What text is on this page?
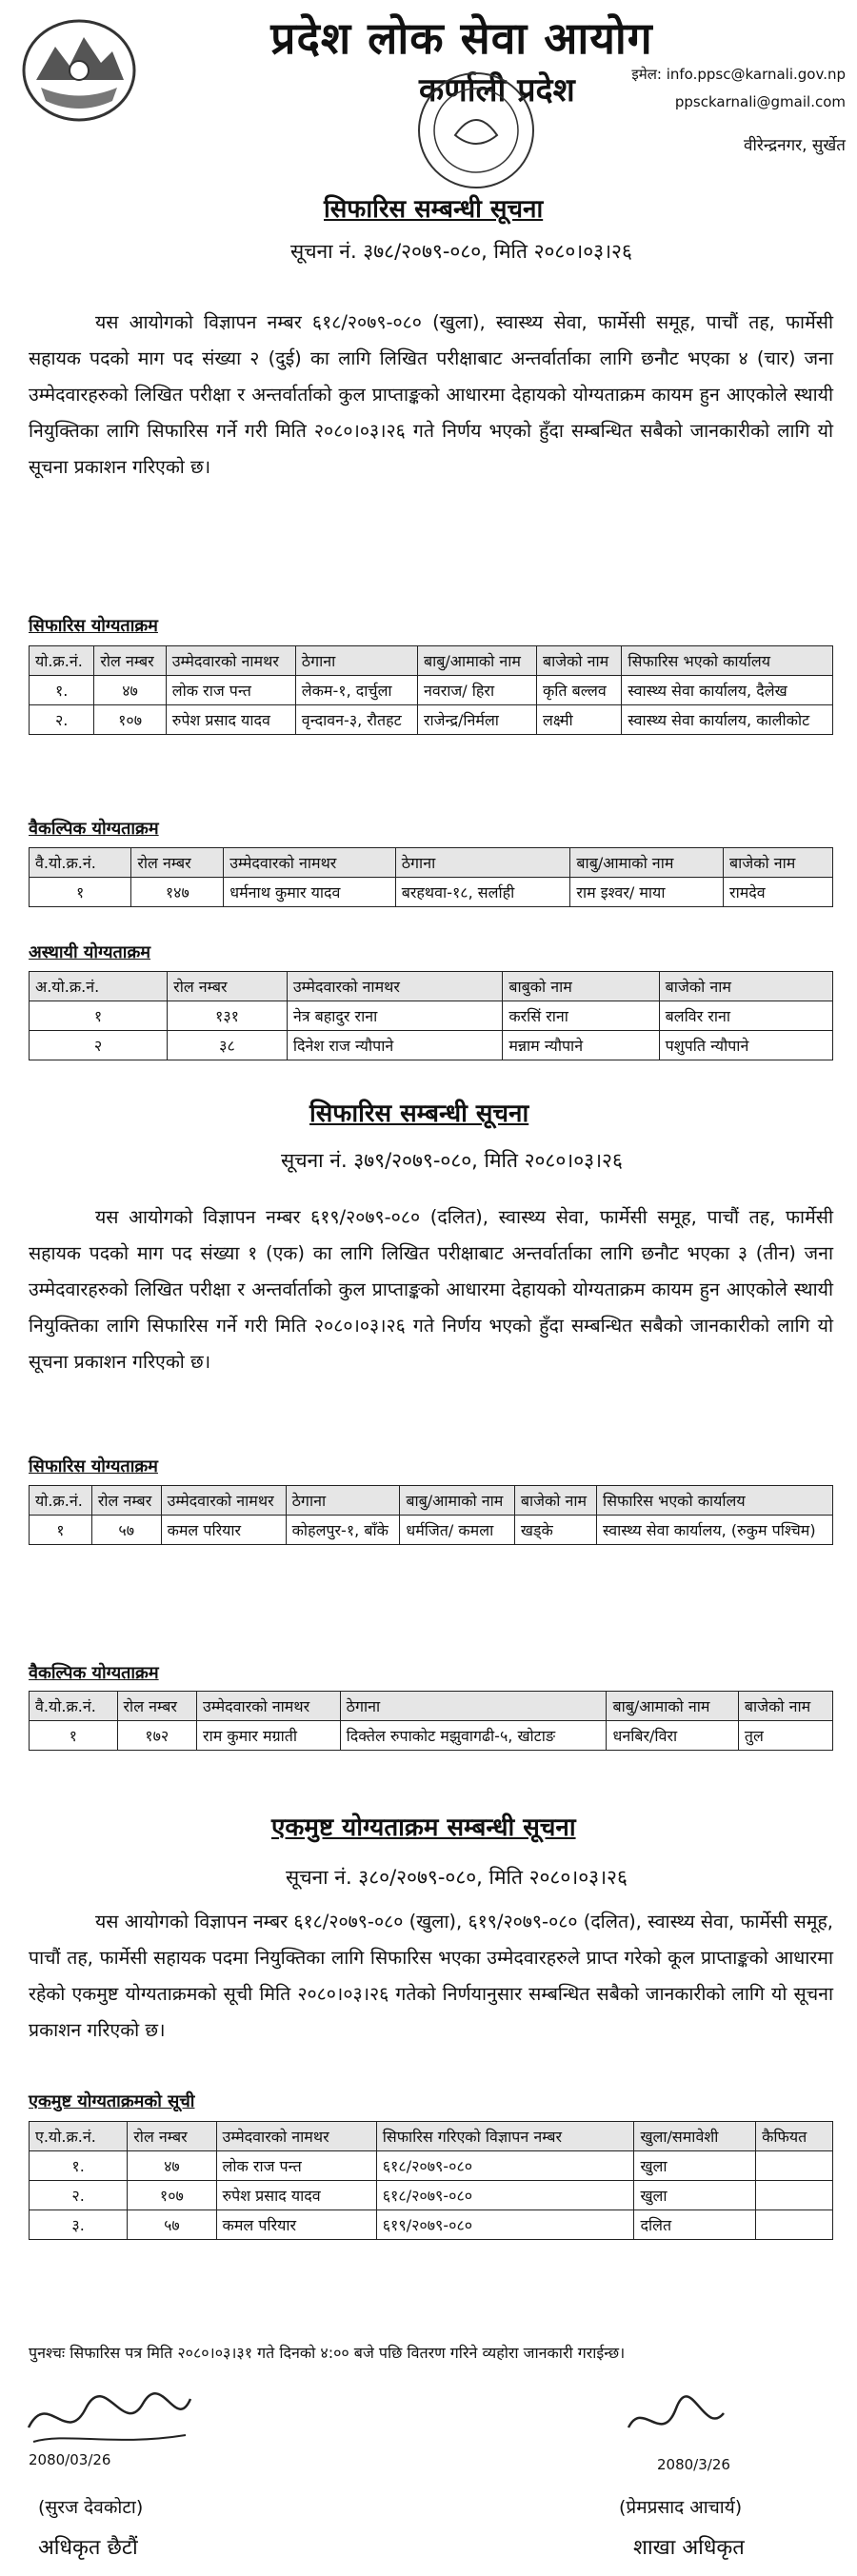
प्रदेश लोक सेवा आयोग
कर्णाली प्रदेश	इमेल: info.ppsc@karnali.gov.np
ppsckarnali@gmail.com
वीरेन्द्रनगर, सुर्खेत
सिफारिस सम्बन्धी सूचना
सूचना नं. ३७८/२०७९-०८०, मिति २०८०।०३।२६
यस आयोगको विज्ञापन नम्बर ६१८/२०७९-०८० (खुला), स्वास्थ्य सेवा, फार्मेसी समूह, पाचौं तह, फार्मेसी सहायक पदको माग पद संख्या २ (दुई) का लागि लिखित परीक्षाबाट अन्तर्वार्ताका लागि छनौट भएका ४ (चार) जना उम्मेदवारहरुको लिखित परीक्षा र अन्तर्वार्ताको कुल प्राप्ताङ्कको आधारमा देहायको योग्यताक्रम कायम हुन आएकोले स्थायी नियुक्तिका लागि सिफारिस गर्ने गरी मिति २०८०।०३।२६ गते निर्णय भएको हुँदा सम्बन्धित सबैको जानकारीको लागि यो सूचना प्रकाशन गरिएको छ।
सिफारिस योग्यताक्रम
यो.क्र.नं.	रोल नम्बर	उम्मेदवारको नामथर	ठेगाना	बाबु/आमाको नाम	बाजेको नाम	सिफारिस भएको कार्यालय
१.	४७	लोक राज पन्त	लेकम-१, दार्चुला	नवराज/ हिरा	कृति बल्लव	स्वास्थ्य सेवा कार्यालय, दैलेख
२.	१०७	रुपेश प्रसाद यादव	वृन्दावन-३, रौतहट	राजेन्द्र/निर्मला	लक्ष्मी	स्वास्थ्य सेवा कार्यालय, कालीकोट
वैकल्पिक योग्यताक्रम
वै.यो.क्र.नं.	रोल नम्बर	उम्मेदवारको नामथर	ठेगाना	बाबु/आमाको नाम	बाजेको नाम
१	१४७	धर्मनाथ कुमार यादव	बरहथवा-१८, सर्लाही	राम इश्वर/ माया	रामदेव
अस्थायी योग्यताक्रम
अ.यो.क्र.नं.	रोल नम्बर	उम्मेदवारको नामथर	बाबुको नाम	बाजेको नाम
१	१३१	नेत्र बहादुर राना	करसिं राना	बलविर राना
२	३८	दिनेश राज न्यौपाने	मन्नाम न्यौपाने	पशुपति न्यौपाने
सिफारिस सम्बन्धी सूचना
सूचना नं. ३७९/२०७९-०८०, मिति २०८०।०३।२६
यस आयोगको विज्ञापन नम्बर ६१९/२०७९-०८० (दलित), स्वास्थ्य सेवा, फार्मेसी समूह, पाचौं तह, फार्मेसी सहायक पदको माग पद संख्या १ (एक) का लागि लिखित परीक्षाबाट अन्तर्वार्ताका लागि छनौट भएका ३ (तीन) जना उम्मेदवारहरुको लिखित परीक्षा र अन्तर्वार्ताको कुल प्राप्ताङ्कको आधारमा देहायको योग्यताक्रम कायम हुन आएकोले स्थायी नियुक्तिका लागि सिफारिस गर्ने गरी मिति २०८०।०३।२६ गते निर्णय भएको हुँदा सम्बन्धित सबैको जानकारीको लागि यो सूचना प्रकाशन गरिएको छ।
सिफारिस योग्यताक्रम
यो.क्र.नं.	रोल नम्बर	उम्मेदवारको नामथर	ठेगाना	बाबु/आमाको नाम	बाजेको नाम	सिफारिस भएको कार्यालय
१	५७	कमल परियार	कोहलपुर-१, बाँके	धर्मजित/ कमला	खड्के	स्वास्थ्य सेवा कार्यालय, (रुकुम पश्चिम)
वैकल्पिक योग्यताक्रम
वै.यो.क्र.नं.	रोल नम्बर	उम्मेदवारको नामथर	ठेगाना	बाबु/आमाको नाम	बाजेको नाम
१	१७२	राम कुमार मग्राती	दिक्तेल रुपाकोट मझुवागढी-५, खोटाङ	धनबिर/विरा	तुल
एकमुष्ट योग्यताक्रम सम्बन्धी सूचना
सूचना नं. ३८०/२०७९-०८०, मिति २०८०।०३।२६
यस आयोगको विज्ञापन नम्बर ६१८/२०७९-०८० (खुला), ६१९/२०७९-०८० (दलित), स्वास्थ्य सेवा, फार्मेसी समूह, पाचौं तह, फार्मेसी सहायक पदमा नियुक्तिका लागि सिफारिस भएका उम्मेदवारहरुले प्राप्त गरेको कूल प्राप्ताङ्कको आधारमा रहेको एकमुष्ट योग्यताक्रमको सूची मिति २०८०।०३।२६ गतेको निर्णयानुसार सम्बन्धित सबैको जानकारीको लागि यो सूचना प्रकाशन गरिएको छ।
एकमुष्ट योग्यताक्रमको सूची
ए.यो.क्र.नं.	रोल नम्बर	उम्मेदवारको नामथर	सिफारिस गरिएको विज्ञापन नम्बर	खुला/समावेशी	कैफियत
१.	४७	लोक राज पन्त	६१८/२०७९-०८०	खुला	
२.	१०७	रुपेश प्रसाद यादव	६१८/२०७९-०८०	खुला	
३.	५७	कमल परियार	६१९/२०७९-०८०	दलित	
पुनश्चः सिफारिस पत्र मिति २०८०।०३।३१ गते दिनको ४:०० बजे पछि वितरण गरिने व्यहोरा जानकारी गराईन्छ।
2080/03/26
(सुरज देवकोटा)
अधिकृत छैटौं
2080/3/26
(प्रेमप्रसाद आचार्य)
शाखा अधिकृत
